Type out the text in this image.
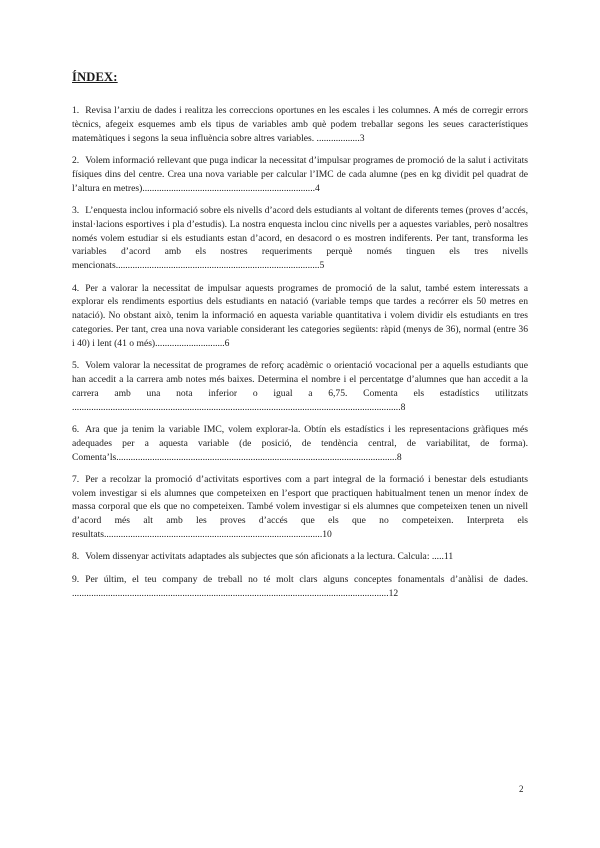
ÍNDEX:
1. Revisa l’arxiu de dades i realitza les correccions oportunes en les escales i les columnes. A més de corregir errors tècnics, afegeix esquemes amb els tipus de variables amb què podem treballar segons les seues característiques matemàtiques i segons la seua influència sobre altres variables. ..................3
2. Volem informació rellevant que puga indicar la necessitat d’impulsar programes de promoció de la salut i activitats físiques dins del centre. Crea una nova variable per calcular l’IMC de cada alumne (pes en kg dividit pel quadrat de l’altura en metres)........................................................................4
3. L’enquesta inclou informació sobre els nivells d’acord dels estudiants al voltant de diferents temes (proves d’accés, instal·lacions esportives i pla d’estudis). La nostra enquesta inclou cinc nivells per a aquestes variables, però nosaltres només volem estudiar si els estudiants estan d’acord, en desacord o es mostren indiferents. Per tant, transforma les variables d’acord amb els nostres requeriments perquè només tinguen els tres nivells mencionats.....................................................................................5
4. Per a valorar la necessitat de impulsar aquests programes de promoció de la salut, també estem interessats a explorar els rendiments esportius dels estudiants en natació (variable temps que tardes a recórrer els 50 metres en natació). No obstant això, tenim la informació en aquesta variable quantitativa i volem dividir els estudiants en tres categories. Per tant, crea una nova variable considerant les categories següents: ràpid (menys de 36), normal (entre 36 i 40) i lent (41 o més).............................6
5. Volem valorar la necessitat de programes de reforç acadèmic o orientació vocacional per a aquells estudiants que han accedit a la carrera amb notes més baixes. Determina el nombre i el percentatge d’alumnes que han accedit a la carrera amb una nota inferior o igual a 6,75. Comenta els estadístics utilitzats .........................................................................................................................................8
6. Ara que ja tenim la variable IMC, volem explorar-la. Obtín els estadístics i les representacions gràfiques més adequades per a aquesta variable (de posició, de tendència central, de variabilitat, de forma). Comenta’ls.....................................................................................................................8
7. Per a recolzar la promoció d’activitats esportives com a part integral de la formació i benestar dels estudiants volem investigar si els alumnes que competeixen en l’esport que practiquen habitualment tenen un menor índex de massa corporal que els que no competeixen. També volem investigar si els alumnes que competeixen tenen un nivell d’acord més alt amb les proves d’accés que els que no competeixen. Interpreta els resultats...........................................................................................10
8. Volem dissenyar activitats adaptades als subjectes que són aficionats a la lectura. Calcula: .....11
9. Per últim, el teu company de treball no té molt clars alguns conceptes fonamentals d’anàlisi de dades. ....................................................................................................................................12
2
